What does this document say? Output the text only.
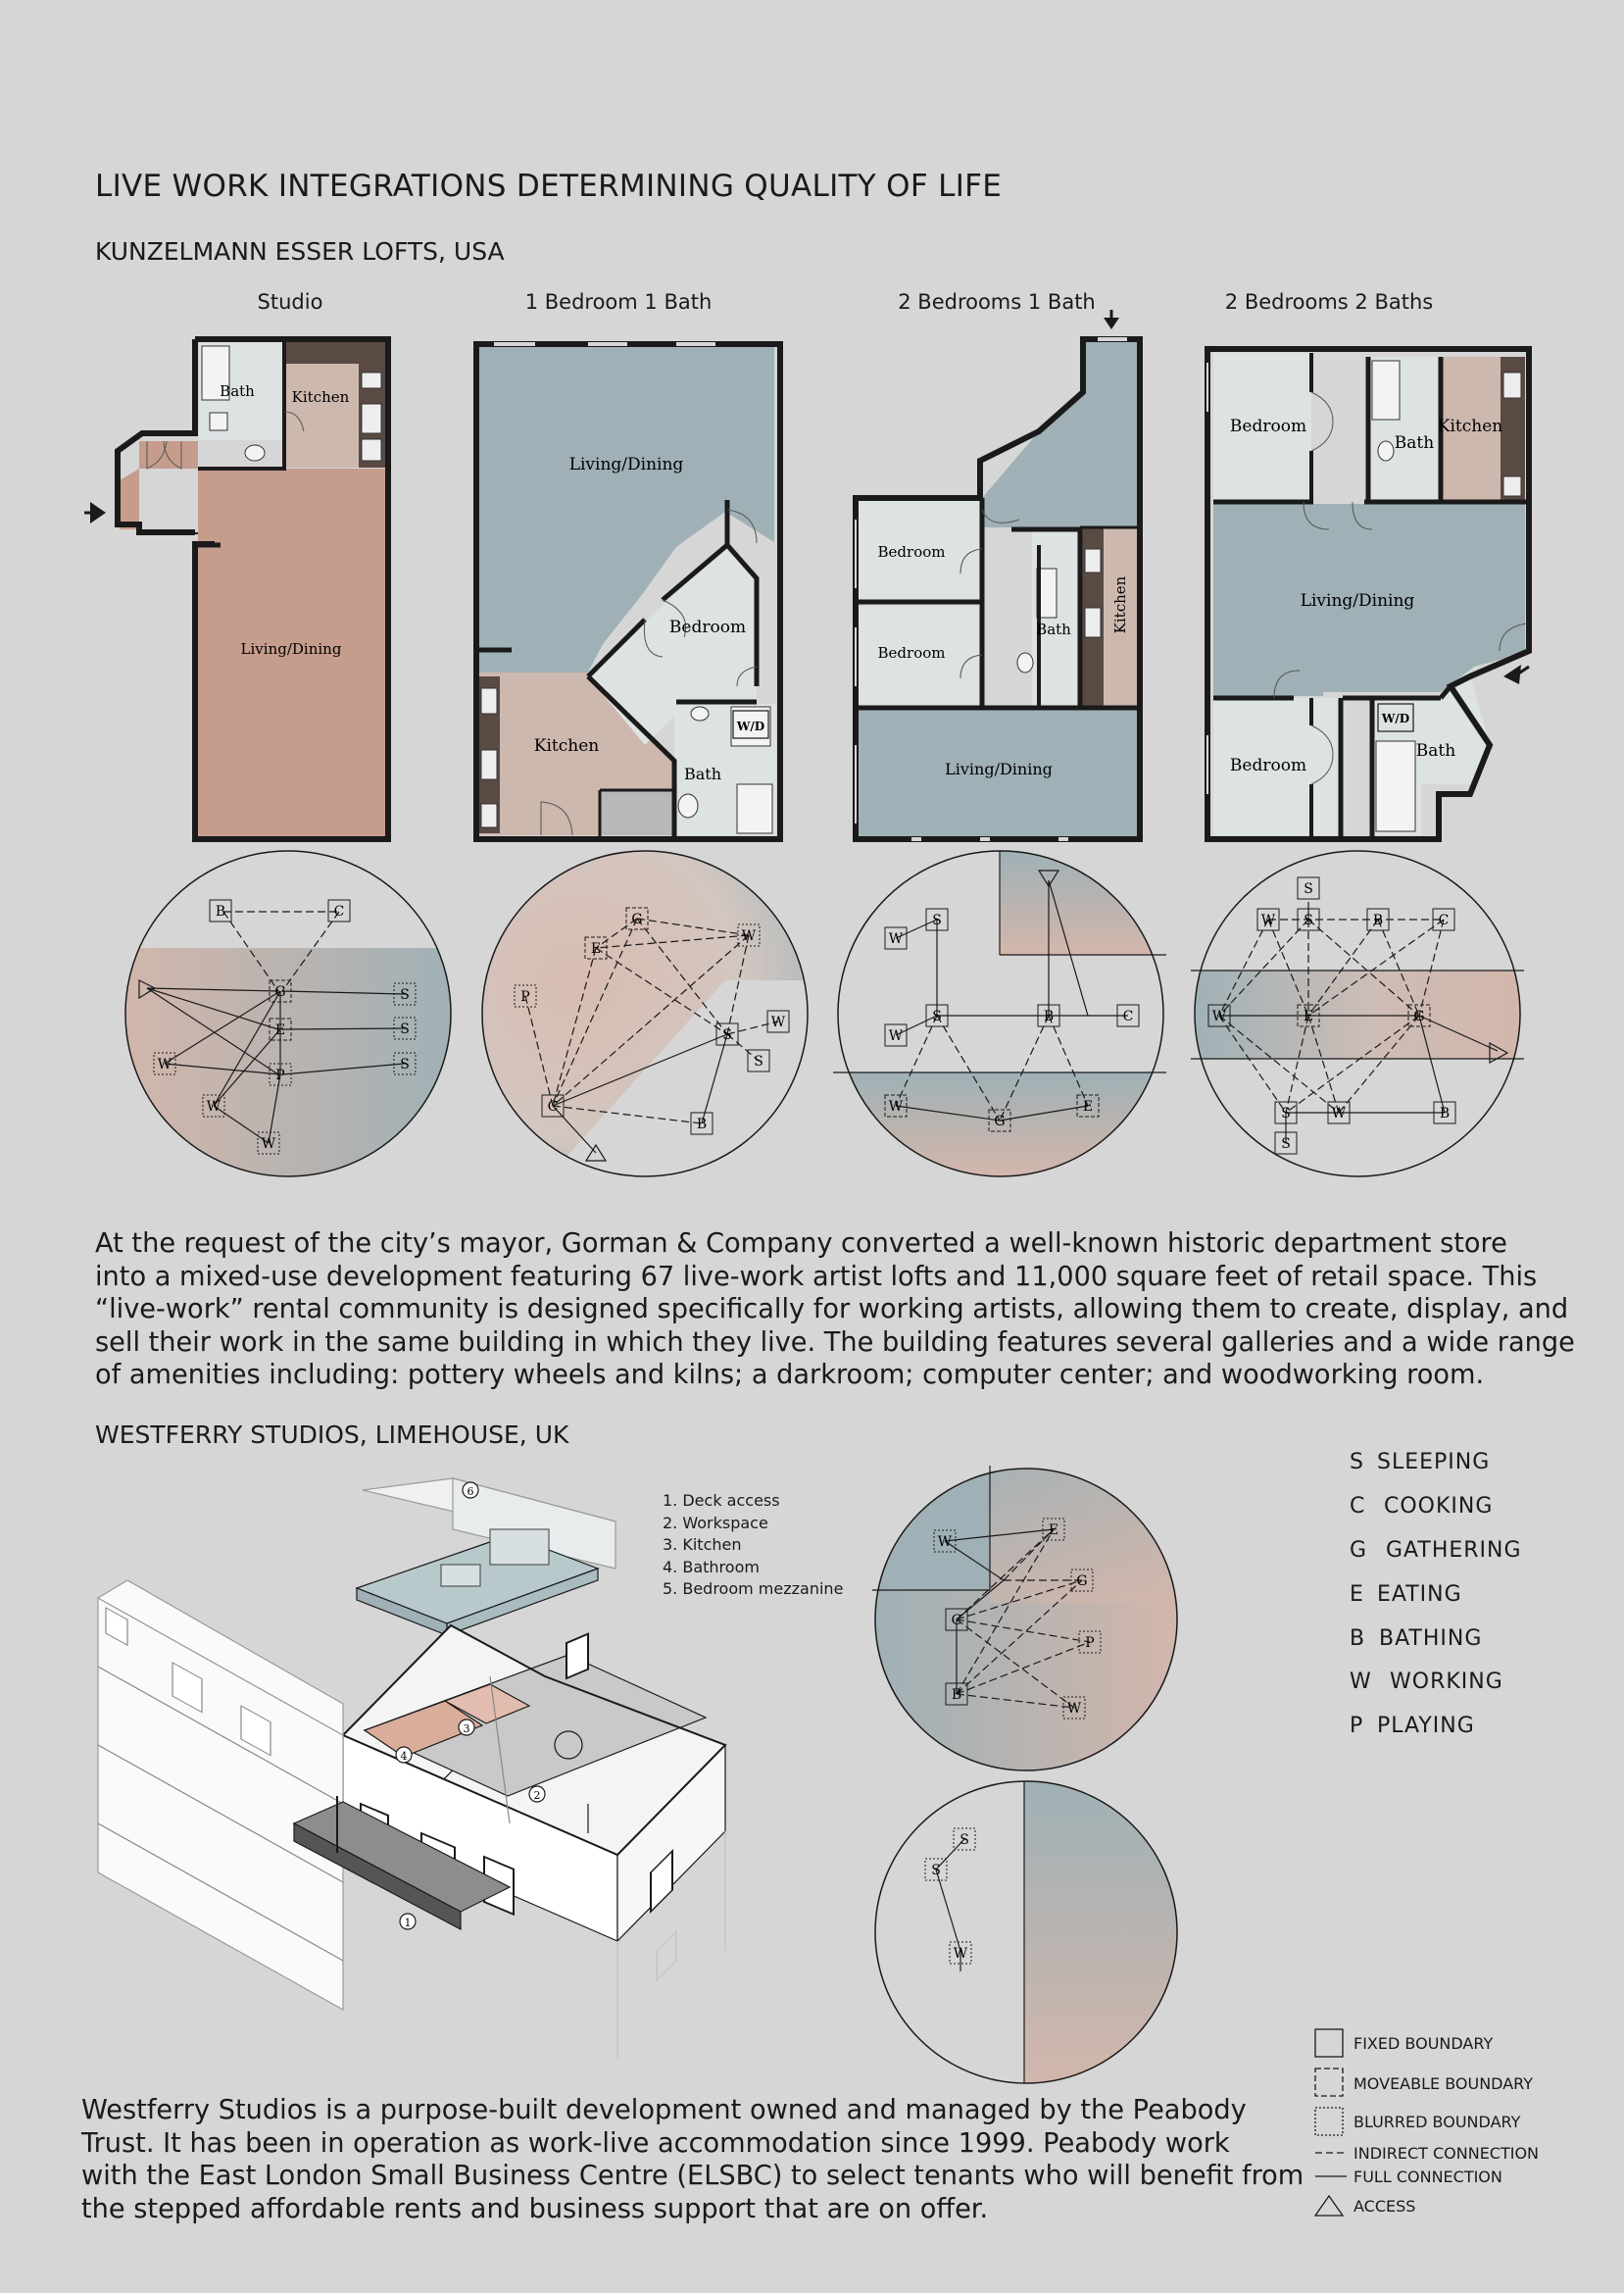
LIVE WORK INTEGRATIONS DETERMINING QUALITY OF LIFE
KUNZELMANN ESSER LOFTS, USA
Studio	1 Bedroom 1 Bath	2 Bedrooms 1 Bath	2 Bedrooms 2 Baths

At the request of the city’s mayor, Gorman & Company converted a well-known historic department store

into a mixed-use development featuring 67 live-work artist lofts and 11,000 square feet of retail space. This

“live-work” rental community is designed specifically for working artists, allowing them to create, display, and

sell their work in the same building in which they live. The building features several galleries and a wide range

of amenities including: pottery wheels and kilns; a darkroom; computer center; and woodworking room.

WESTFERRY STUDIOS, LIMEHOUSE, UK
1. Deck access
2. Workspace
3. Kitchen
4. Bathroom
5. Bedroom mezzanine
S SLEEPING
C COOKING
G GATHERING
E EATING
B BATHING
W WORKING
P PLAYING
FIXED BOUNDARY
MOVEABLE BOUNDARY
BLURRED BOUNDARY
INDIRECT CONNECTION
FULL CONNECTION
ACCESS

Westferry Studios is a purpose-built development owned and managed by the Peabody

Trust. It has been in operation as work-live accommodation since 1999. Peabody work

with the East London Small Business Centre (ELSBC) to select tenants who will benefit from

the stepped affordable rents and business support that are on offer.

Bath	Kitchen
Living/Dining
Living/Dining
Bedroom
Kitchen
Bath
W/D
Bedroom
Bedroom
Bath	Kitchen
Living/Dining
Bedroom
Bath
Kitchen
Living/Dining
Bedroom
W/D
Bath
B	C
G
E
P
S
S
S
W
W
W
G
W
E
P
S
W
S
C
B
S
W
S
W
B	C
W
G
E
S
W S	B	C
W	E	G
S	W	B
S
W
E
G
C
P
B
W
S
S
W
6
3
4
2
1
